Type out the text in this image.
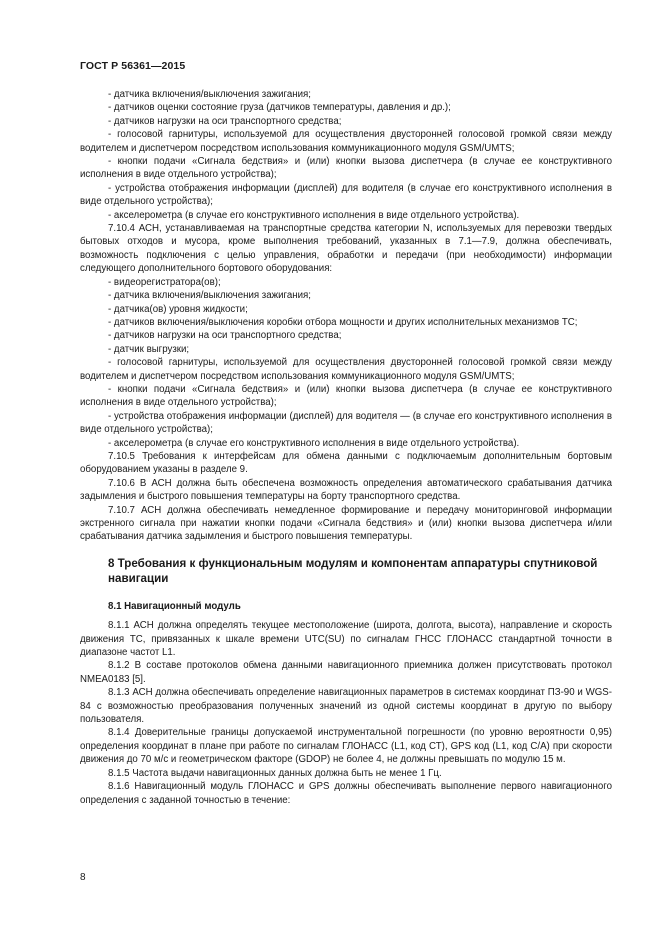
ГОСТ Р 56361—2015

- датчика включения/выключения зажигания;

- датчиков оценки состояние груза (датчиков температуры, давления и др.);

- датчиков нагрузки на оси транспортного средства;

- голосовой гарнитуры, используемой для осуществления двусторонней голосовой громкой связи между водителем и диспетчером посредством использования коммуникационного модуля GSM/UMTS;

- кнопки подачи «Сигнала бедствия» и (или) кнопки вызова диспетчера (в случае ее конструктивного исполнения в виде отдельного устройства);

- устройства отображения информации (дисплей) для водителя (в случае его конструктивного исполнения в виде отдельного устройства);

- акселерометра (в случае его конструктивного исполнения в виде отдельного устройства).

7.10.4 АСН, устанавливаемая на транспортные средства категории N, используемых для перевозки твердых бытовых отходов и мусора, кроме выполнения требований, указанных в 7.1—7.9, должна обеспечивать, возможность подключения с целью управления, обработки и передачи (при необходимости) информации следующего дополнительного бортового оборудования:

- видеорегистратора(ов);

- датчика включения/выключения зажигания;

- датчика(ов) уровня жидкости;

- датчиков включения/выключения коробки отбора мощности и других исполнительных механизмов ТС;

- датчиков нагрузки на оси транспортного средства;

- датчик выгрузки;

- голосовой гарнитуры, используемой для осуществления двусторонней голосовой громкой связи между водителем и диспетчером посредством использования коммуникационного модуля GSM/UMTS;

- кнопки подачи «Сигнала бедствия» и (или) кнопки вызова диспетчера (в случае ее конструктивного исполнения в виде отдельного устройства);

- устройства отображения информации (дисплей) для водителя — (в случае его конструктивного исполнения в виде отдельного устройства);

- акселерометра (в случае его конструктивного исполнения в виде отдельного устройства).

7.10.5 Требования к интерфейсам для обмена данными с подключаемым дополнительным бортовым оборудованием указаны в разделе 9.

7.10.6 В АСН должна быть обеспечена возможность определения автоматического срабатывания датчика задымления и быстрого повышения температуры на борту транспортного средства.

7.10.7 АСН должна обеспечивать немедленное формирование и передачу мониторинговой информации экстренного сигнала при нажатии кнопки подачи «Сигнала бедствия» и (или) кнопки вызова диспетчера и/или срабатывания датчика задымления и быстрого повышения температуры.

8 Требования к функциональным модулям и компонентам аппаратуры спутниковой навигации

8.1 Навигационный модуль

8.1.1 АСН должна определять текущее местоположение (широта, долгота, высота), направление и скорость движения ТС, привязанных к шкале времени UTC(SU) по сигналам ГНСС ГЛОНАСС стандартной точности в диапазоне частот L1.

8.1.2 В составе протоколов обмена данными навигационного приемника должен присутствовать протокол NMEA0183 [5].

8.1.3 АСН должна обеспечивать определение навигационных параметров в системах координат ПЗ-90 и WGS-84 с возможностью преобразования полученных значений из одной системы координат в другую по выбору пользователя.

8.1.4 Доверительные границы допускаемой инструментальной погрешности (по уровню вероятности 0,95) определения координат в плане при работе по сигналам ГЛОНАСС (L1, код СТ), GPS код (L1, код C/A) при скорости движения до 70 м/с и геометрическом факторе (GDOP) не более 4, не должны превышать по модулю 15 м.

8.1.5 Частота выдачи навигационных данных должна быть не менее 1 Гц.

8.1.6 Навигационный модуль ГЛОНАСС и GPS должны обеспечивать выполнение первого навигационного определения с заданной точностью в течение:

8
